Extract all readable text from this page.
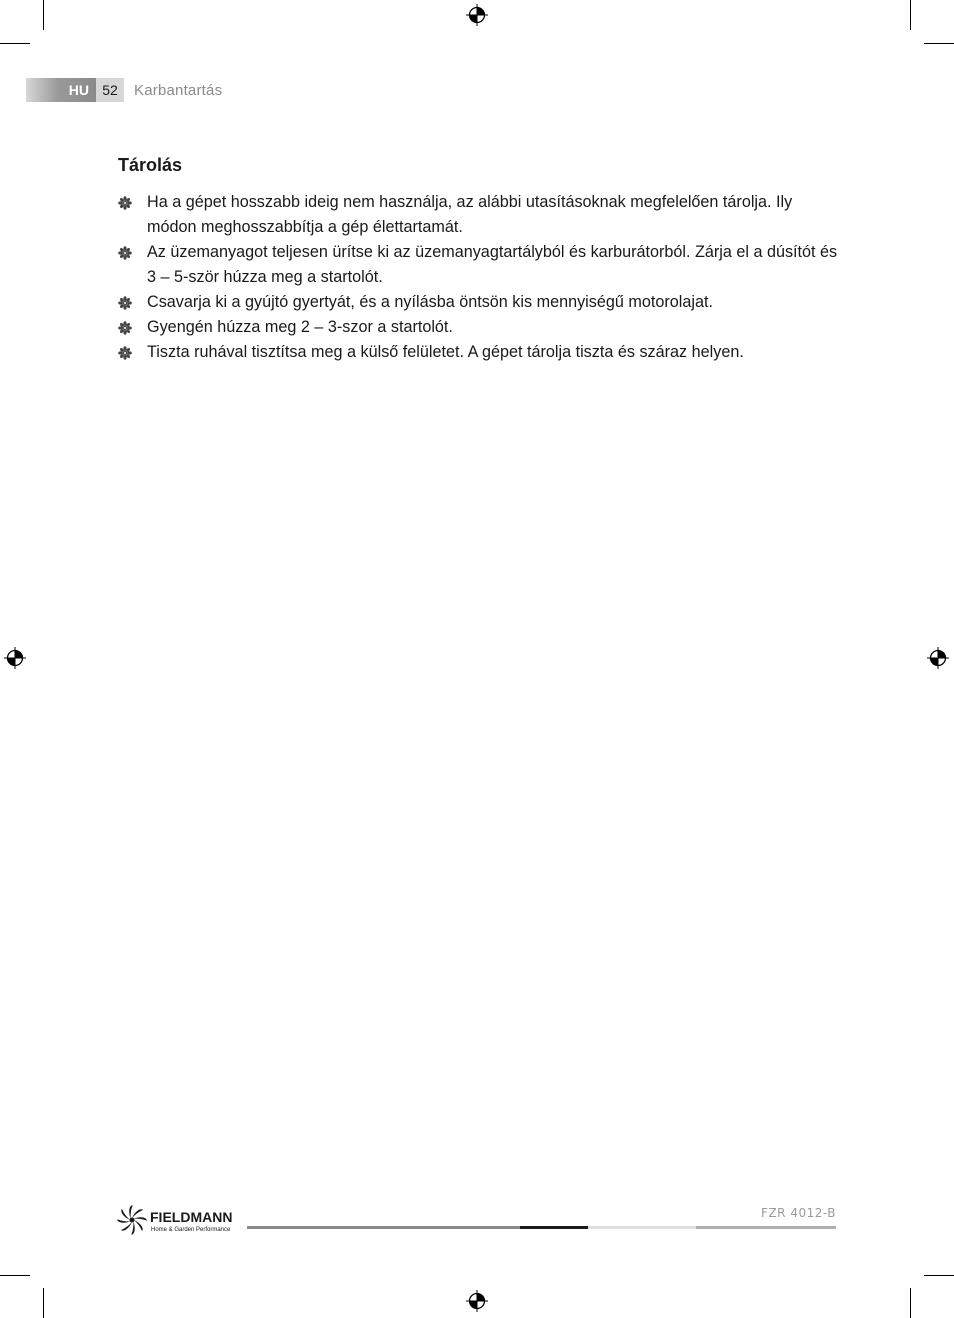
HU 52	Karbantartás
Tárolás
Ha a gépet hosszabb ideig nem használja, az alábbi utasításoknak megfelelően tárolja. Ily módon meghosszabbítja a gép élettartamát.
Az üzemanyagot teljesen ürítse ki az üzemanyagtartályból és karburátorból. Zárja el a dúsítót és 3 – 5-ször húzza meg a startolót.
Csavarja ki a gyújtó gyertyát, és a nyílásba öntsön kis mennyiségű motorolajat.
Gyengén húzza meg 2 – 3-szor a startolót.
Tiszta ruhával tisztítsa meg a külső felületet. A gépet tárolja tiszta és száraz helyen.
FIELDMANN
Home & Garden Performance
FZR 4012-B
